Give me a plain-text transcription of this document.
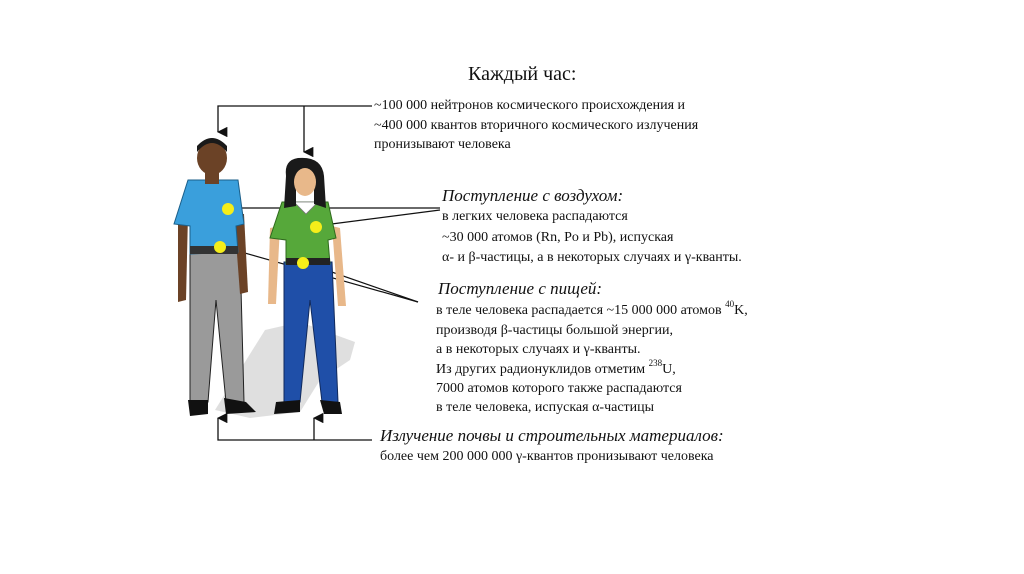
Каждый час:
~100 000 нейтронов космического происхождения и
~400 000 квантов вторичного космического излучения
пронизывают человека
Поступление с воздухом:
в легких человека распадаются
~30 000 атомов (Rn, Po и Pb), испуская
α- и β-частицы, а в некоторых случаях и γ-кванты.
Поступление с пищей:
в теле человека распадается ~15 000 000 атомов $^{40}$K,
производя β-частицы большой энергии,
а в некоторых случаях и γ-кванты.
Из других радионуклидов отметим $^{238}$U,
7000 атомов которого также распадаются
в теле человека, испуская α-частицы
Излучение почвы и строительных материалов:
более чем 200 000 000 γ-квантов пронизывают человека
